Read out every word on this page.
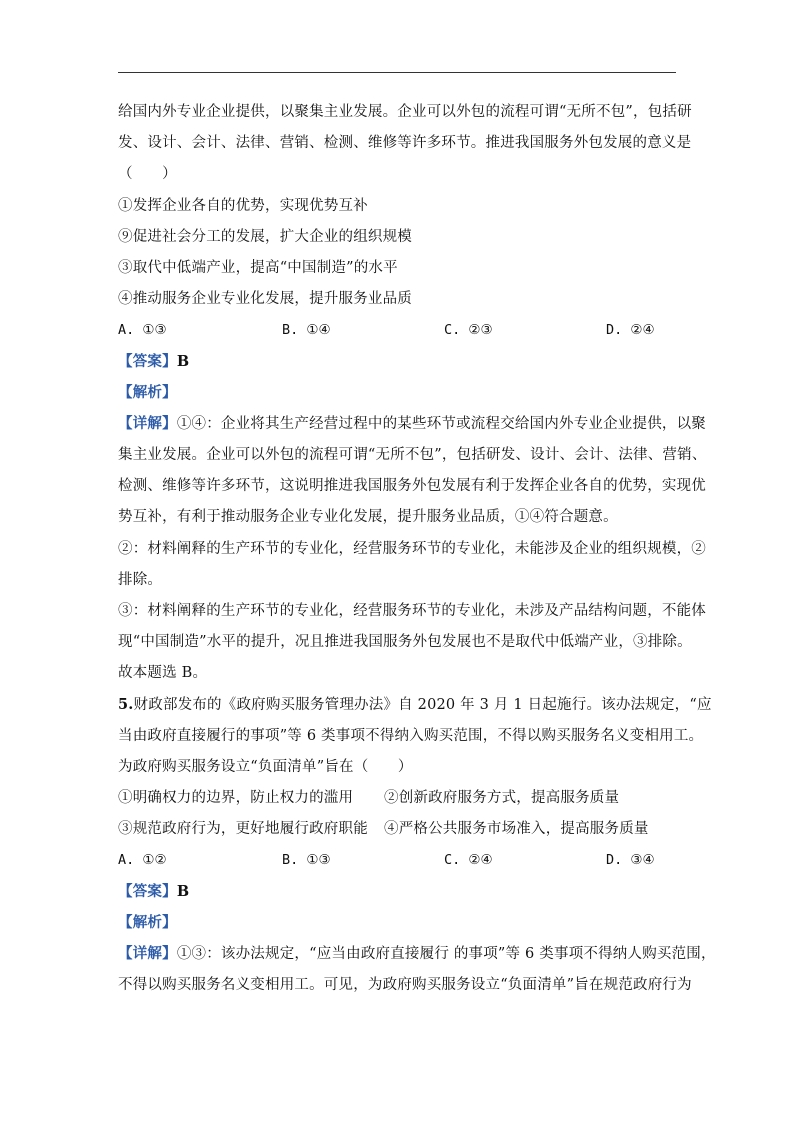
给国内外专业企业提供，以聚集主业发展。企业可以外包的流程可谓“无所不包”，包括研
发、设计、会计、法律、营销、检测、维修等许多环节。推进我国服务外包发展的意义是
（　　）
①发挥企业各自的优势，实现优势互补
⑨促进社会分工的发展，扩大企业的组织规模
③取代中低端产业，提高“中国制造”的水平
④推动服务企业专业化发展，提升服务业品质
A. ①③	B. ①④	C. ②③	D. ②④
【答案】B
【解析】
【详解】①④：企业将其生产经营过程中的某些环节或流程交给国内外专业企业提供，以聚
集主业发展。企业可以外包的流程可谓“无所不包”，包括研发、设计、会计、法律、营销、
检测、维修等许多环节，这说明推进我国服务外包发展有利于发挥企业各自的优势，实现优
势互补，有利于推动服务企业专业化发展，提升服务业品质，①④符合题意。
②：材料阐释的生产环节的专业化，经营服务环节的专业化，未能涉及企业的组织规模，②
排除。
③：材料阐释的生产环节的专业化，经营服务环节的专业化，未涉及产品结构问题，不能体
现“中国制造”水平的提升，况且推进我国服务外包发展也不是取代中低端产业，③排除。
故本题选 B。
5.财政部发布的《政府购买服务管理办法》自 2020 年 3 月 1 日起施行。该办法规定，“应
当由政府直接履行的事项”等 6 类事项不得纳入购买范围，不得以购买服务名义变相用工。
为政府购买服务设立“负面清单”旨在（　　）
①明确权力的边界，防止权力的滥用 ②创新政府服务方式，提高服务质量
③规范政府行为，更好地履行政府职能 ④严格公共服务市场准入，提高服务质量
A. ①②	B. ①③	C. ②④	D. ③④
【答案】B
【解析】
【详解】①③：该办法规定，“应当由政府直接履行 的事项”等 6 类事项不得纳人购买范围，
不得以购买服务名义变相用工。可见，为政府购买服务设立“负面清单”旨在规范政府行为
